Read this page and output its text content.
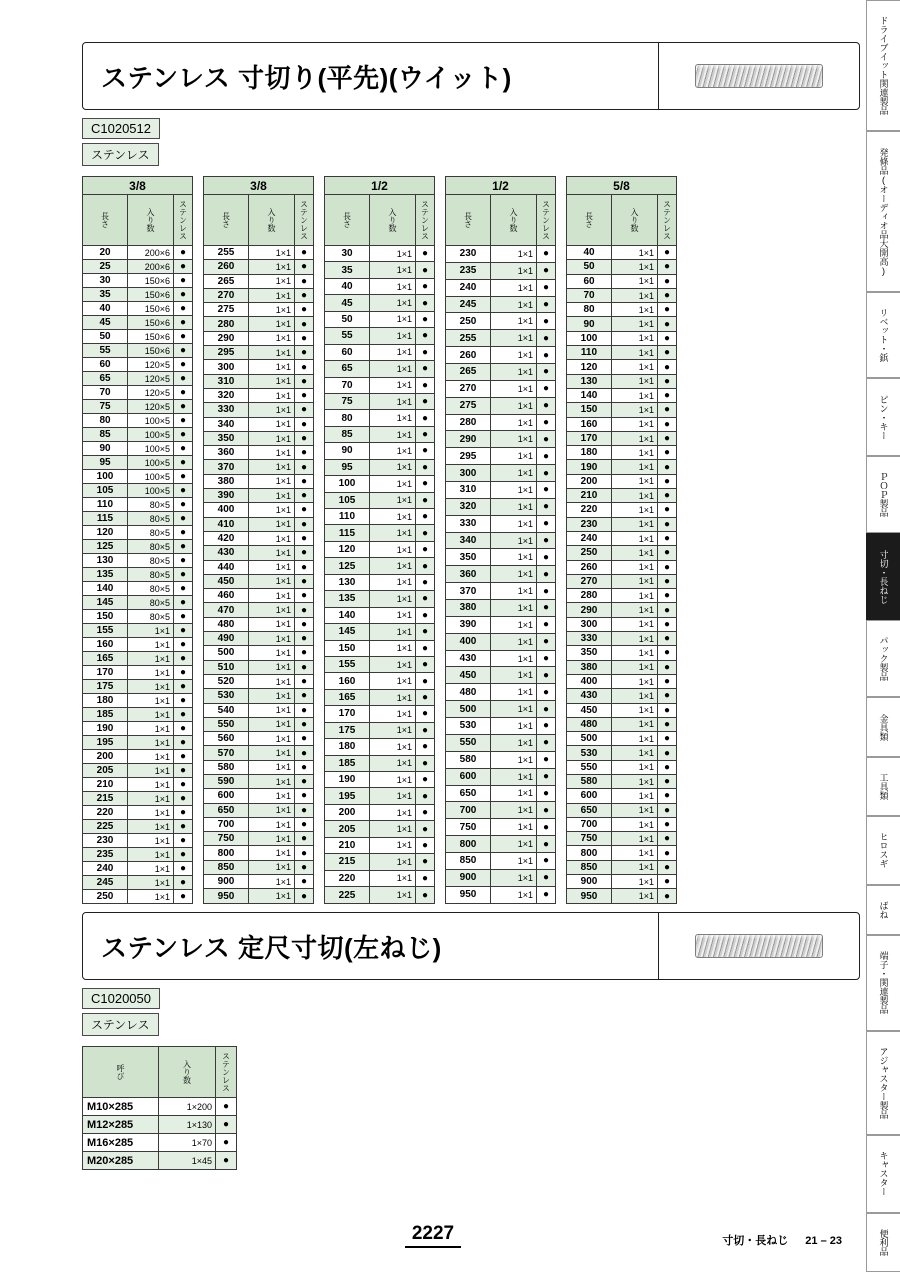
ドライブイット
関連製品
発條品
(オーディオ品大開高)
リベット・鋲
ピン・キー
ＰＯＰ製品
寸切・長ねじ
パック製品
金具類
工具類
ヒロスギ
ばね
端子・関連製品
アジャスター製品
キャスター
便利品
ステンレス 寸切り(平先)(ウイット)
C1020512
ステンレス
3/8		
長さ	入り数	ステンレス
20	200×6	●
25	200×6	●
30	150×6	●
35	150×6	●
40	150×6	●
45	150×6	●
50	150×6	●
55	150×6	●
60	120×5	●
65	120×5	●
70	120×5	●
75	120×5	●
80	100×5	●
85	100×5	●
90	100×5	●
95	100×5	●
100	100×5	●
105	100×5	●
110	80×5	●
115	80×5	●
120	80×5	●
125	80×5	●
130	80×5	●
135	80×5	●
140	80×5	●
145	80×5	●
150	80×5	●
155	1×1	●
160	1×1	●
165	1×1	●
170	1×1	●
175	1×1	●
180	1×1	●
185	1×1	●
190	1×1	●
195	1×1	●
200	1×1	●
205	1×1	●
210	1×1	●
215	1×1	●
220	1×1	●
225	1×1	●
230	1×1	●
235	1×1	●
240	1×1	●
245	1×1	●
250	1×1	●
3/8		
長さ	入り数	ステンレス
255	1×1	●
260	1×1	●
265	1×1	●
270	1×1	●
275	1×1	●
280	1×1	●
290	1×1	●
295	1×1	●
300	1×1	●
310	1×1	●
320	1×1	●
330	1×1	●
340	1×1	●
350	1×1	●
360	1×1	●
370	1×1	●
380	1×1	●
390	1×1	●
400	1×1	●
410	1×1	●
420	1×1	●
430	1×1	●
440	1×1	●
450	1×1	●
460	1×1	●
470	1×1	●
480	1×1	●
490	1×1	●
500	1×1	●
510	1×1	●
520	1×1	●
530	1×1	●
540	1×1	●
550	1×1	●
560	1×1	●
570	1×1	●
580	1×1	●
590	1×1	●
600	1×1	●
650	1×1	●
700	1×1	●
750	1×1	●
800	1×1	●
850	1×1	●
900	1×1	●
950	1×1	●
1/2		
長さ	入り数	ステンレス
30	1×1	●
35	1×1	●
40	1×1	●
45	1×1	●
50	1×1	●
55	1×1	●
60	1×1	●
65	1×1	●
70	1×1	●
75	1×1	●
80	1×1	●
85	1×1	●
90	1×1	●
95	1×1	●
100	1×1	●
105	1×1	●
110	1×1	●
115	1×1	●
120	1×1	●
125	1×1	●
130	1×1	●
135	1×1	●
140	1×1	●
145	1×1	●
150	1×1	●
155	1×1	●
160	1×1	●
165	1×1	●
170	1×1	●
175	1×1	●
180	1×1	●
185	1×1	●
190	1×1	●
195	1×1	●
200	1×1	●
205	1×1	●
210	1×1	●
215	1×1	●
220	1×1	●
225	1×1	●
1/2		
長さ	入り数	ステンレス
230	1×1	●
235	1×1	●
240	1×1	●
245	1×1	●
250	1×1	●
255	1×1	●
260	1×1	●
265	1×1	●
270	1×1	●
275	1×1	●
280	1×1	●
290	1×1	●
295	1×1	●
300	1×1	●
310	1×1	●
320	1×1	●
330	1×1	●
340	1×1	●
350	1×1	●
360	1×1	●
370	1×1	●
380	1×1	●
390	1×1	●
400	1×1	●
430	1×1	●
450	1×1	●
480	1×1	●
500	1×1	●
530	1×1	●
550	1×1	●
580	1×1	●
600	1×1	●
650	1×1	●
700	1×1	●
750	1×1	●
800	1×1	●
850	1×1	●
900	1×1	●
950	1×1	●
5/8		
長さ	入り数	ステンレス
40	1×1	●
50	1×1	●
60	1×1	●
70	1×1	●
80	1×1	●
90	1×1	●
100	1×1	●
110	1×1	●
120	1×1	●
130	1×1	●
140	1×1	●
150	1×1	●
160	1×1	●
170	1×1	●
180	1×1	●
190	1×1	●
200	1×1	●
210	1×1	●
220	1×1	●
230	1×1	●
240	1×1	●
250	1×1	●
260	1×1	●
270	1×1	●
280	1×1	●
290	1×1	●
300	1×1	●
330	1×1	●
350	1×1	●
380	1×1	●
400	1×1	●
430	1×1	●
450	1×1	●
480	1×1	●
500	1×1	●
530	1×1	●
550	1×1	●
580	1×1	●
600	1×1	●
650	1×1	●
700	1×1	●
750	1×1	●
800	1×1	●
850	1×1	●
900	1×1	●
950	1×1	●
ステンレス 定尺寸切(左ねじ)
C1020050
ステンレス
呼び	入り数	ステンレス
M10×285	1×200	●
M12×285	1×130	●
M16×285	1×70	●
M20×285	1×45	●
2227	寸切・長ねじ 21 – 23
